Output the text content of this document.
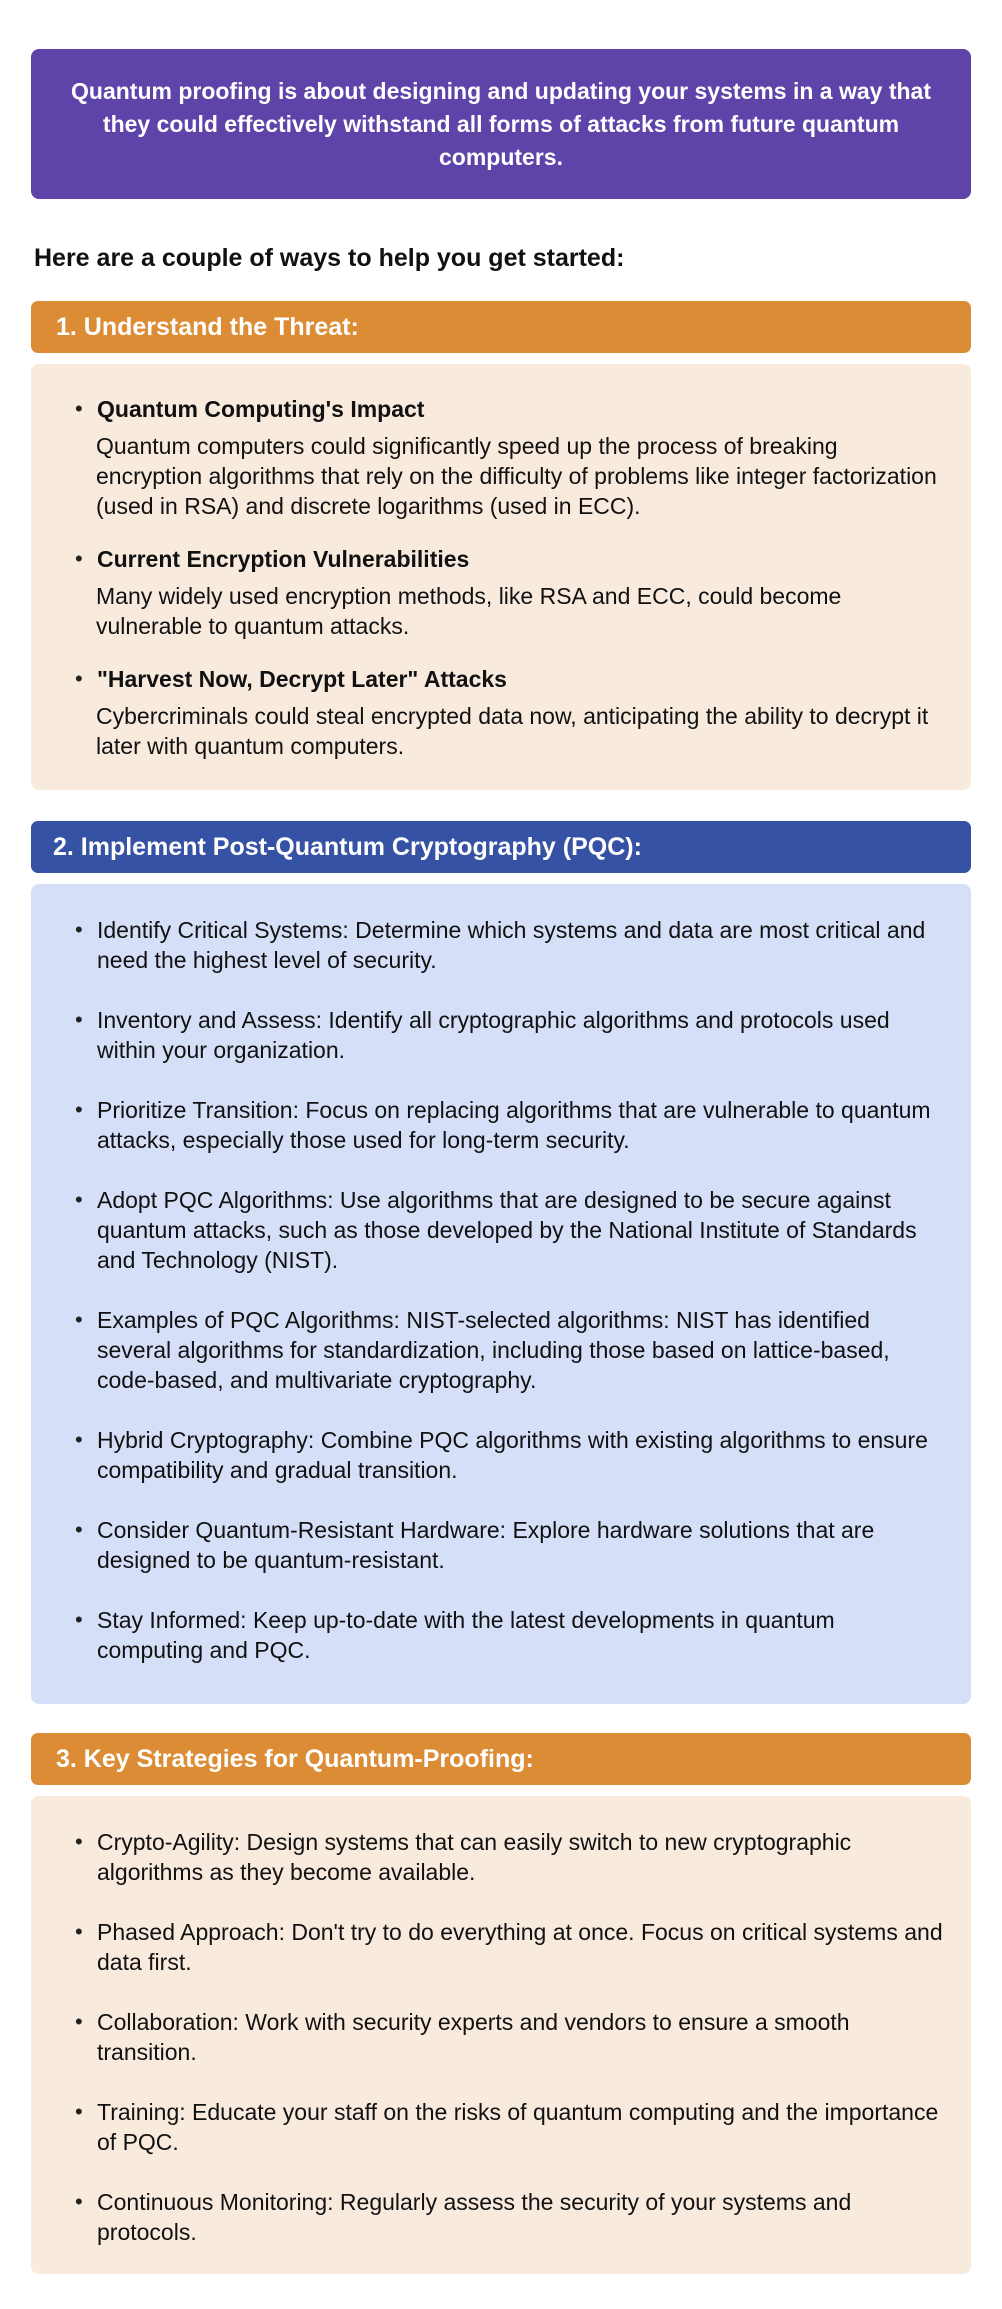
Quantum proofing is about designing and updating your systems in a way that they could effectively withstand all forms of attacks from future quantum computers.

Here are a couple of ways to help you get started:
1. Understand the Threat:
• Quantum Computing's Impact
Quantum computers could significantly speed up the process of breaking encryption algorithms that rely on the difficulty of problems like integer factorization (used in RSA) and discrete logarithms (used in ECC).
• Current Encryption Vulnerabilities
Many widely used encryption methods, like RSA and ECC, could become vulnerable to quantum attacks.
• "Harvest Now, Decrypt Later" Attacks
Cybercriminals could steal encrypted data now, anticipating the ability to decrypt it later with quantum computers.
2. Implement Post-Quantum Cryptography (PQC):
• Identify Critical Systems: Determine which systems and data are most critical and need the highest level of security.
• Inventory and Assess: Identify all cryptographic algorithms and protocols used within your organization.
• Prioritize Transition: Focus on replacing algorithms that are vulnerable to quantum attacks, especially those used for long-term security.
• Adopt PQC Algorithms: Use algorithms that are designed to be secure against quantum attacks, such as those developed by the National Institute of Standards and Technology (NIST).
• Examples of PQC Algorithms: NIST-selected algorithms: NIST has identified several algorithms for standardization, including those based on lattice-based, code-based, and multivariate cryptography.
• Hybrid Cryptography: Combine PQC algorithms with existing algorithms to ensure compatibility and gradual transition.
• Consider Quantum-Resistant Hardware: Explore hardware solutions that are designed to be quantum-resistant.
• Stay Informed: Keep up-to-date with the latest developments in quantum computing and PQC.
3. Key Strategies for Quantum-Proofing:
• Crypto-Agility: Design systems that can easily switch to new cryptographic algorithms as they become available.
• Phased Approach: Don't try to do everything at once. Focus on critical systems and data first.
• Collaboration: Work with security experts and vendors to ensure a smooth transition.
• Training: Educate your staff on the risks of quantum computing and the importance of PQC.
• Continuous Monitoring: Regularly assess the security of your systems and protocols.
